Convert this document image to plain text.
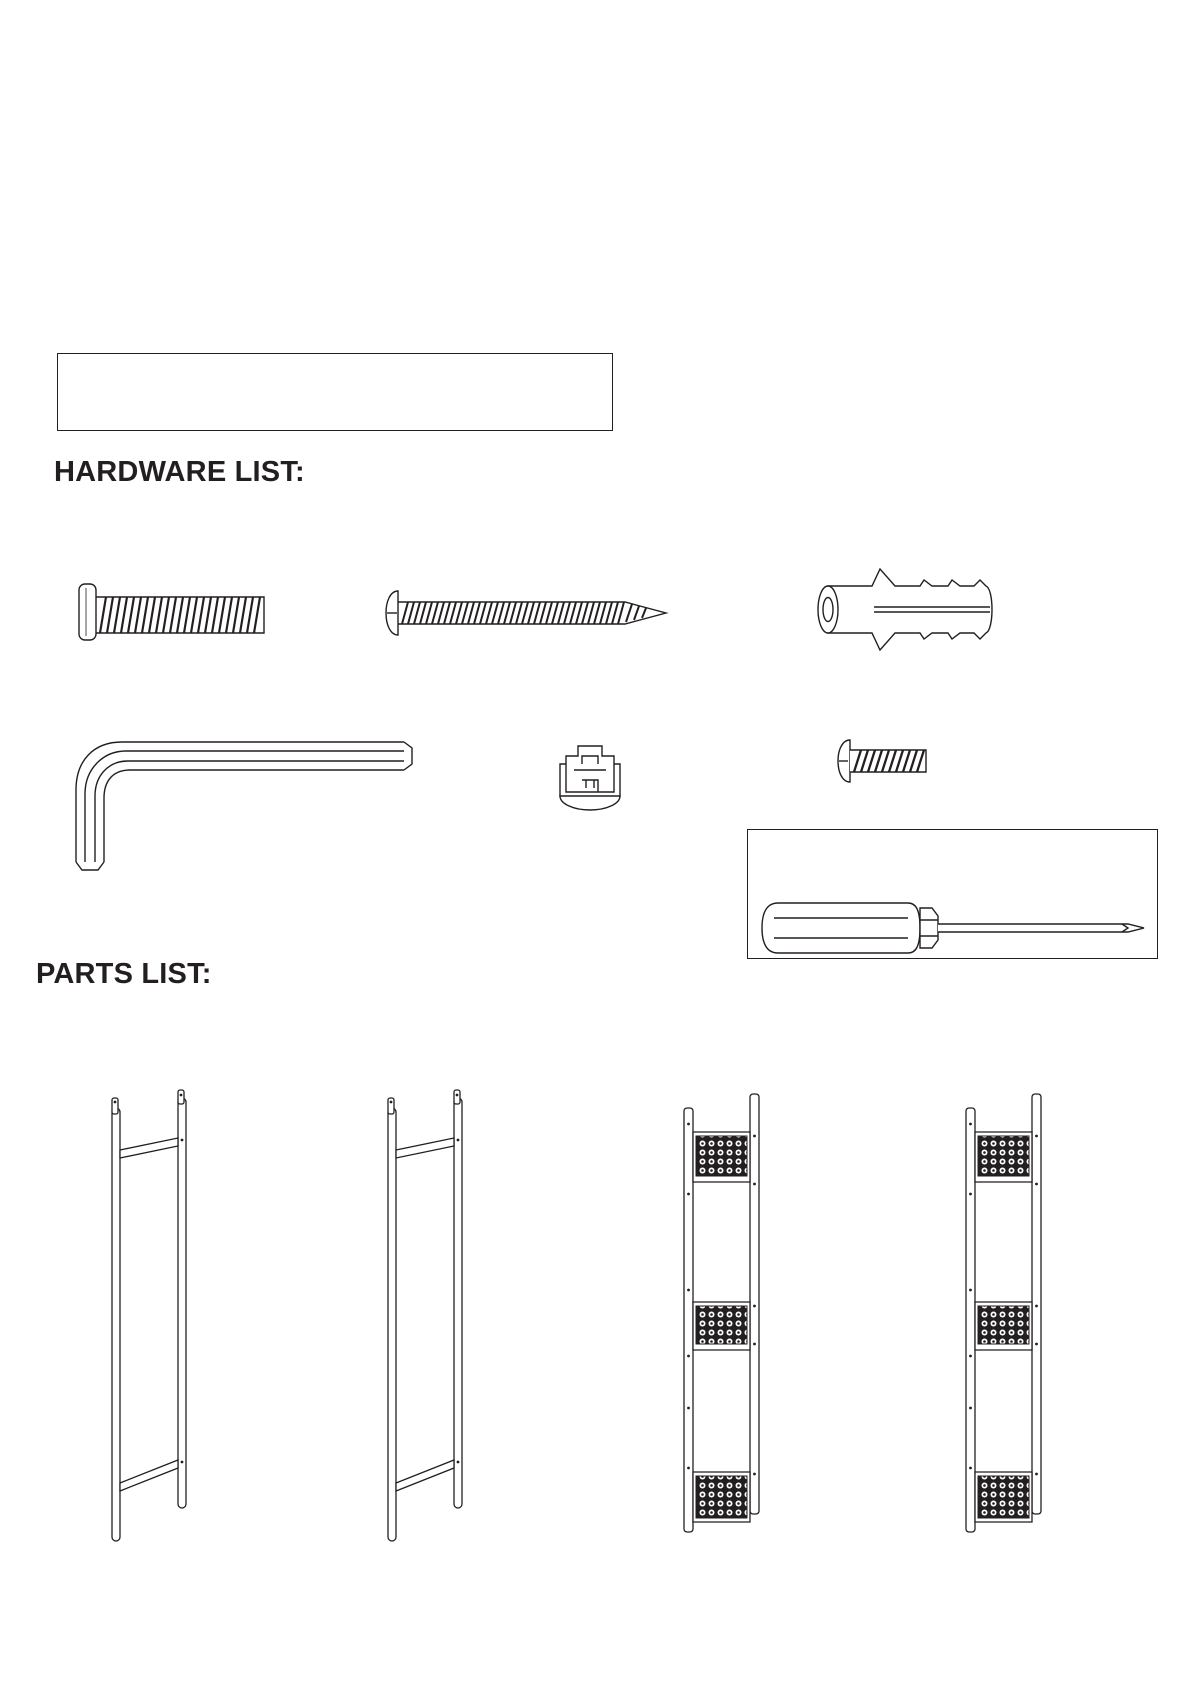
HARDWARE LIST:
PARTS LIST:
